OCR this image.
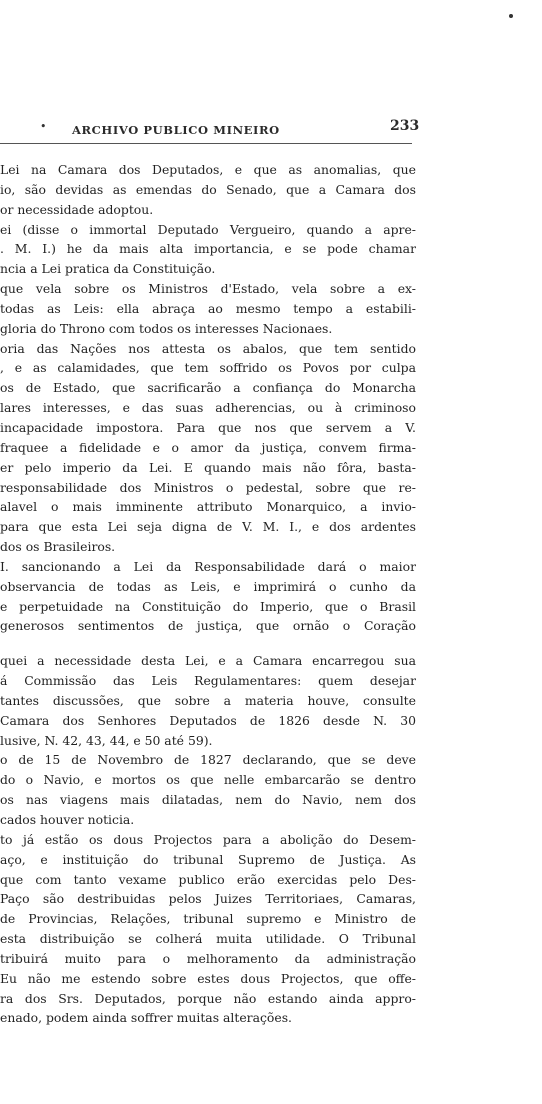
• ARCHIVO PUBLICO MINEIRO	233
Lei na Camara dos Deputados, e que as anomalias, que
io, são devidas as emendas do Senado, que a Camara dos
or necessidade adoptou.
ei (disse o immortal Deputado Vergueiro, quando a apre-
. M. I.) he da mais alta importancia, e se pode chamar
ncia a Lei pratica da Constituição.
que vela sobre os Ministros d'Estado, vela sobre a ex-
todas as Leis: ella abraça ao mesmo tempo a estabili-
gloria do Throno com todos os interesses Nacionaes.
oria das Nações nos attesta os abalos, que tem sentido
, e as calamidades, que tem soffrido os Povos por culpa
os de Estado, que sacrificarão a confiança do Monarcha
lares interesses, e das suas adherencias, ou à criminoso
incapacidade impostora. Para que nos que servem a V.
fraquee a fidelidade e o amor da justiça, convem firma-
er pelo imperio da Lei. E quando mais não fôra, basta-
responsabilidade dos Ministros o pedestal, sobre que re-
alavel o mais imminente attributo Monarquico, a invio-
para que esta Lei seja digna de V. M. I., e dos ardentes
dos os Brasileiros.
I. sancionando a Lei da Responsabilidade dará o maior
observancia de todas as Leis, e imprimirá o cunho da
e perpetuidade na Constituição do Imperio, que o Brasil
generosos sentimentos de justiça, que ornão o Coração
quei a necessidade desta Lei, e a Camara encarregou sua
á Commissão das Leis Regulamentares: quem desejar
tantes discussões, que sobre a materia houve, consulte
Camara dos Senhores Deputados de 1826 desde N. 30
lusive, N. 42, 43, 44, e 50 até 59).
o de 15 de Novembro de 1827 declarando, que se deve
do o Navio, e mortos os que nelle embarcarão se dentro
os nas viagens mais dilatadas, nem do Navio, nem dos
cados houver noticia.
to já estão os dous Projectos para a abolição do Desem-
aço, e instituição do tribunal Supremo de Justiça. As
que com tanto vexame publico erão exercidas pelo Des-
Paço são destribuidas pelos Juizes Territoriaes, Camaras,
de Provincias, Relações, tribunal supremo e Ministro de
esta distribuição se colherá muita utilidade. O Tribunal
tribuirá muito para o melhoramento da administração
Eu não me estendo sobre estes dous Projectos, que offe-
ra dos Srs. Deputados, porque não estando ainda appro-
enado, podem ainda soffrer muitas alterações.
